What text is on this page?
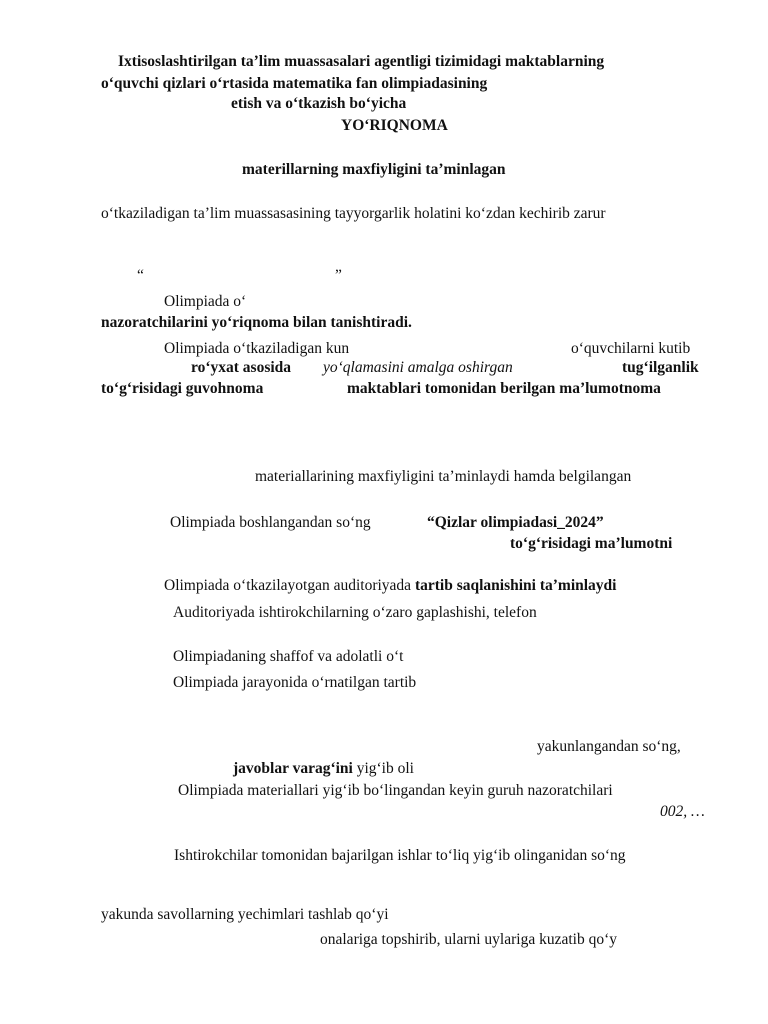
Ixtisoslashtirilgan ta’lim muassasalari agentligi tizimidagi maktablarning
o‘quvchi qizlari o‘rtasida matematika fan olimpiadasining
etish va o‘tkazish bo‘yicha
YO‘RIQNOMA
materillarning maxfiyligini ta’minlagan
o‘tkaziladigan ta’lim muassasasining tayyorgarlik holatini ko‘zdan kechirib zarur
“	”
Olimpiada o‘
nazoratchilarini yo‘riqnoma bilan tanishtiradi.
Olimpiada o‘tkaziladigan kun	o‘quvchilarni kutib
ro‘yxat asosida yo‘qlamasini amalga oshirgan	tug‘ilganlik
to‘g‘risidagi guvohnoma	maktablari tomonidan berilgan ma’lumotnoma
materiallarining maxfiyligini ta’minlaydi hamda belgilangan
Olimpiada boshlangandan so‘ng	“Qizlar olimpiadasi_2024”
to‘g‘risidagi ma’lumotni
Olimpiada o‘tkazilayotgan auditoriyada tartib saqlanishini ta’minlaydi
Auditoriyada ishtirokchilarning o‘zaro gaplashishi, telefon
Olimpiadaning shaffof va adolatli o‘t
Olimpiada jarayonida o‘rnatilgan tartib
yakunlangandan so‘ng,
javoblar varag‘ini yig‘ib oli
Olimpiada materiallari yig‘ib bo‘lingandan keyin guruh nazoratchilari
002, …
Ishtirokchilar tomonidan bajarilgan ishlar to‘liq yig‘ib olinganidan so‘ng
yakunda savollarning yechimlari tashlab qo‘yi
onalariga topshirib, ularni uylariga kuzatib qo‘y
